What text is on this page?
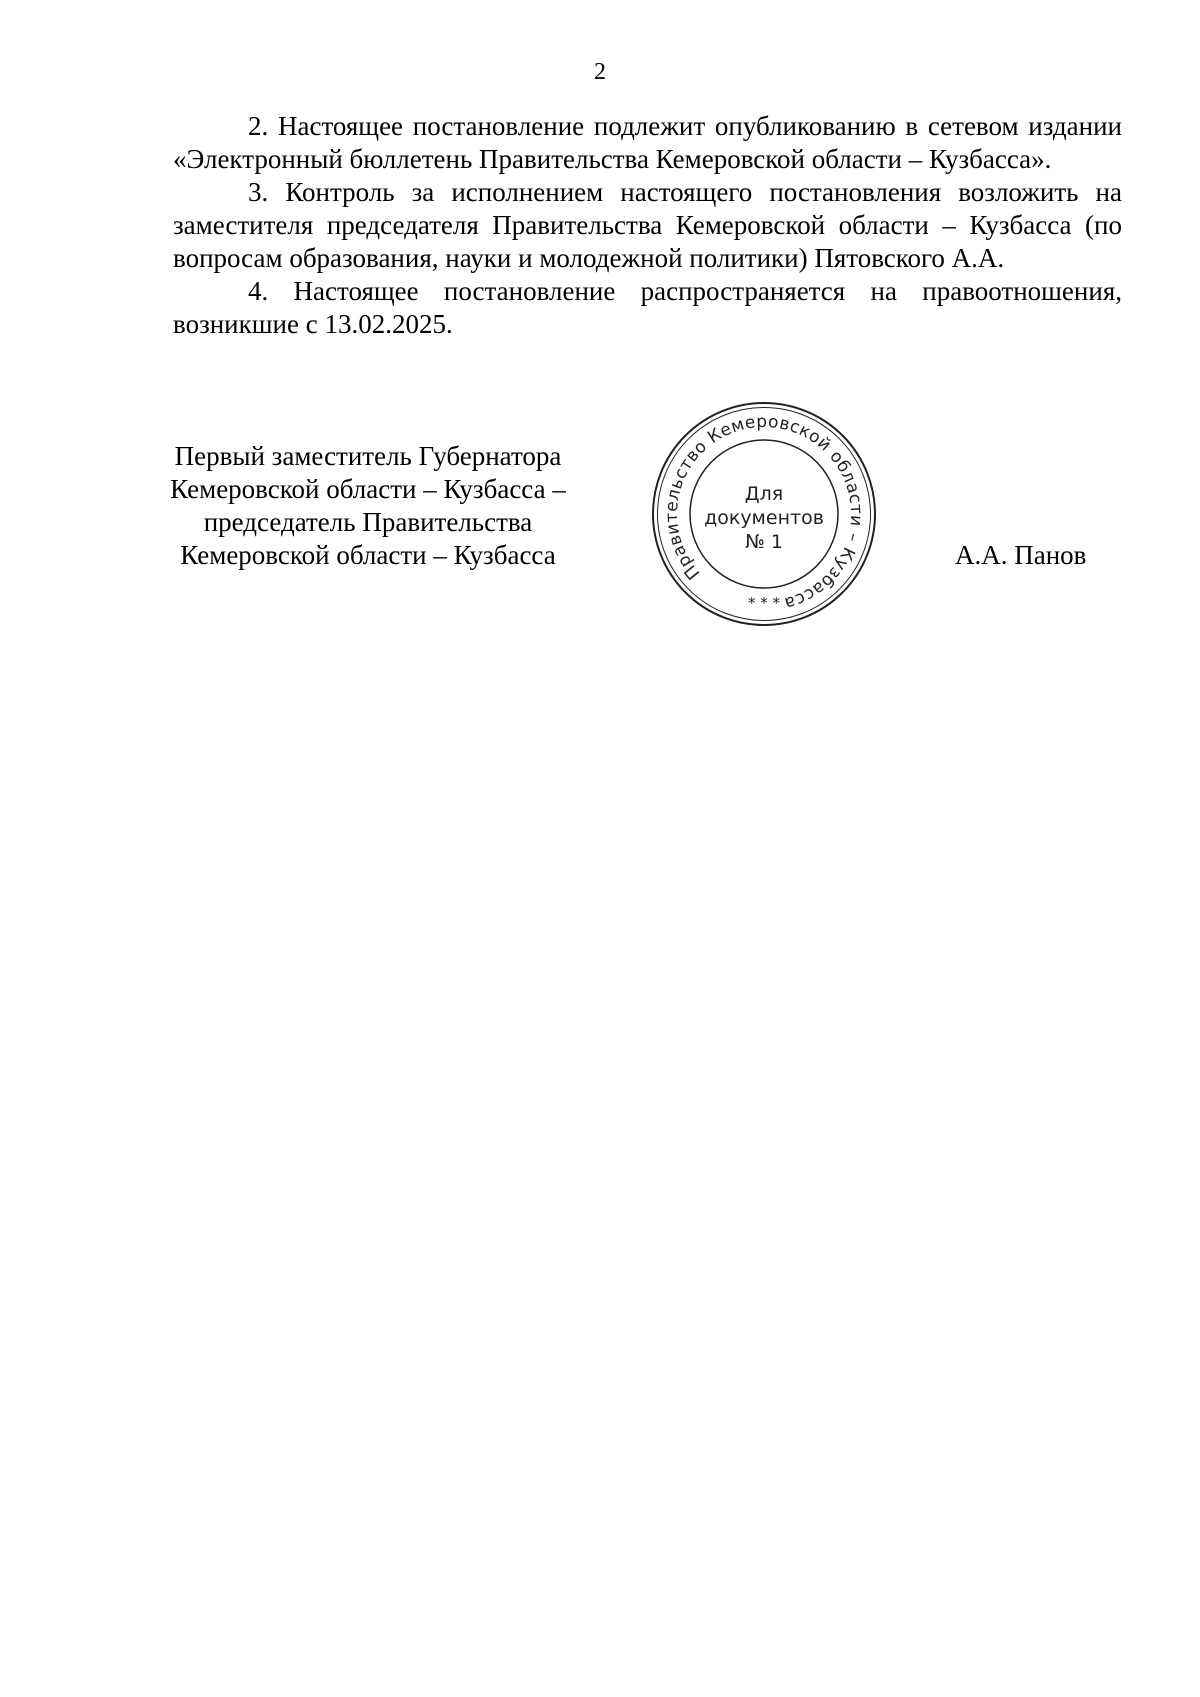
2

2. Настоящее постановление подлежит опубликованию в сетевом издании «Электронный бюллетень Правительства Кемеровской области – Кузбасса».

3. Контроль за исполнением настоящего постановления возложить на заместителя председателя Правительства Кемеровской области – Кузбасса (по вопросам образования, науки и молодежной политики) Пятовского А.А.

4. Настоящее постановление распространяется на правоотношения, возникшие с 13.02.2025.

Первый заместитель Губернатора
Кемеровской области – Кузбасса –
председатель Правительства
Кемеровской области – Кузбасса
Правительство Кемеровской области – Кузбасса
* * *
Для
документов
№ 1	А.А. Панов
